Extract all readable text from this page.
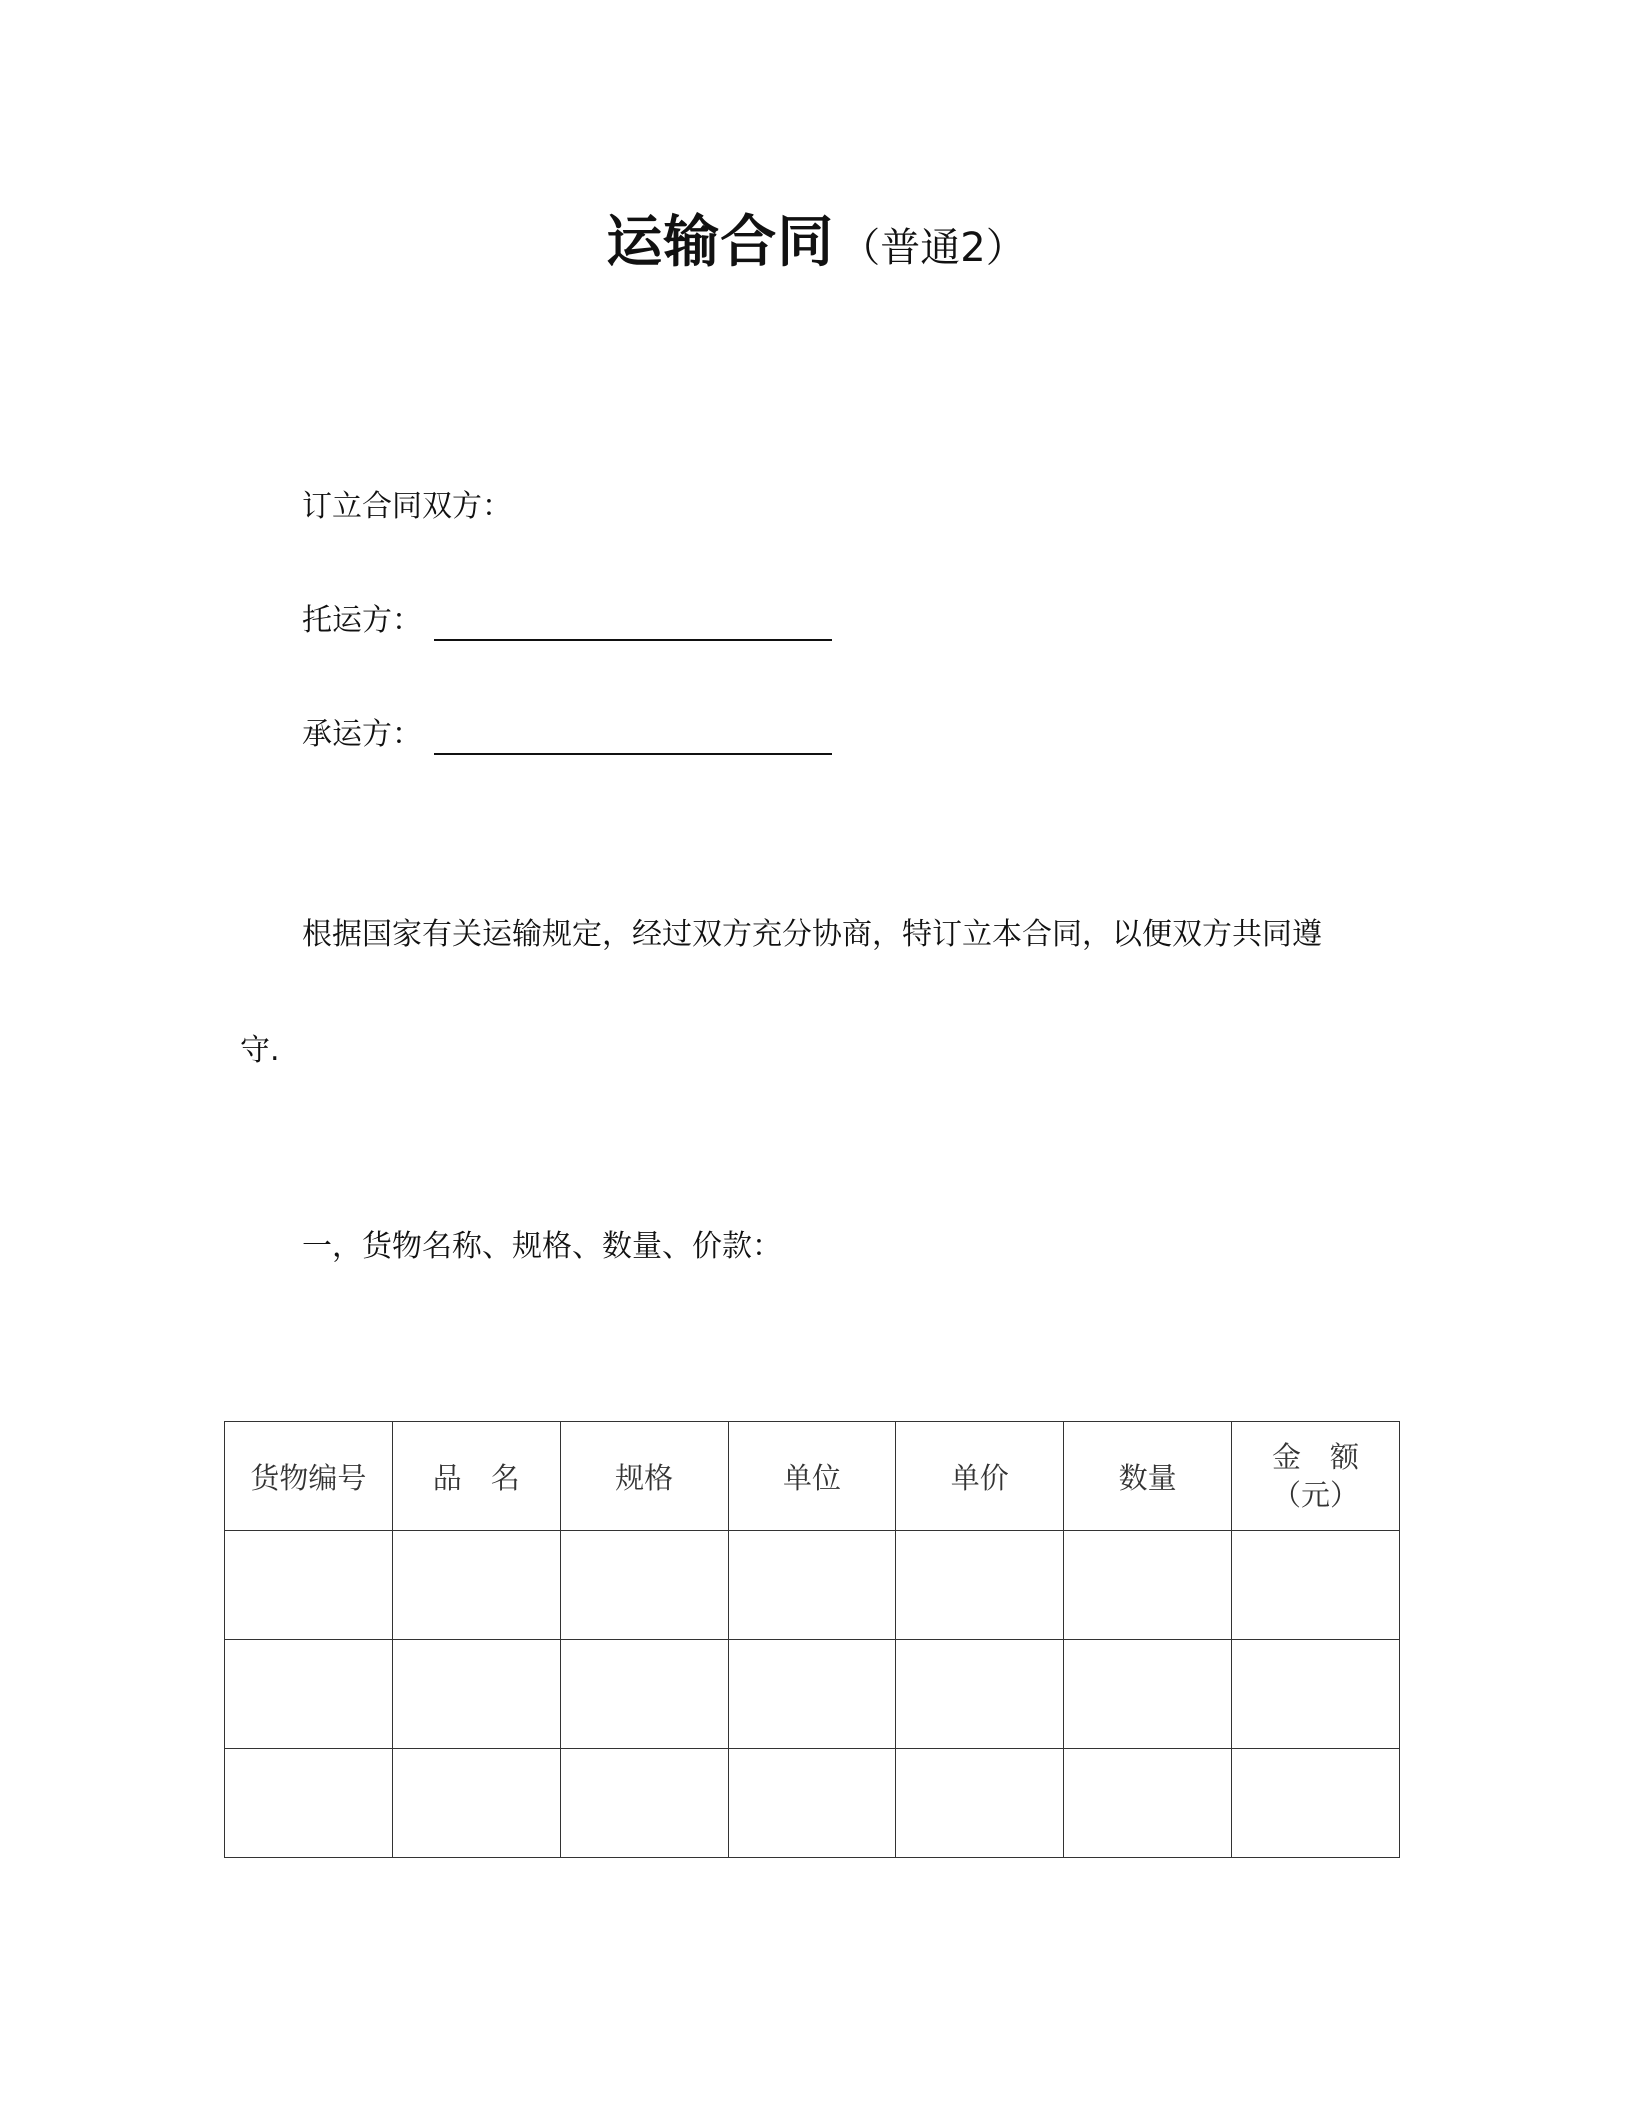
运输合同 （普通2）
订立合同双方：
托运方：
承运方：
根据国家有关运输规定，经过双方充分协商，特订立本合同，以便双方共同遵
守.
一，货物名称、规格、数量、价款：
货物编号	品　名	规格	单位	单价	数量	金　额
（元）
